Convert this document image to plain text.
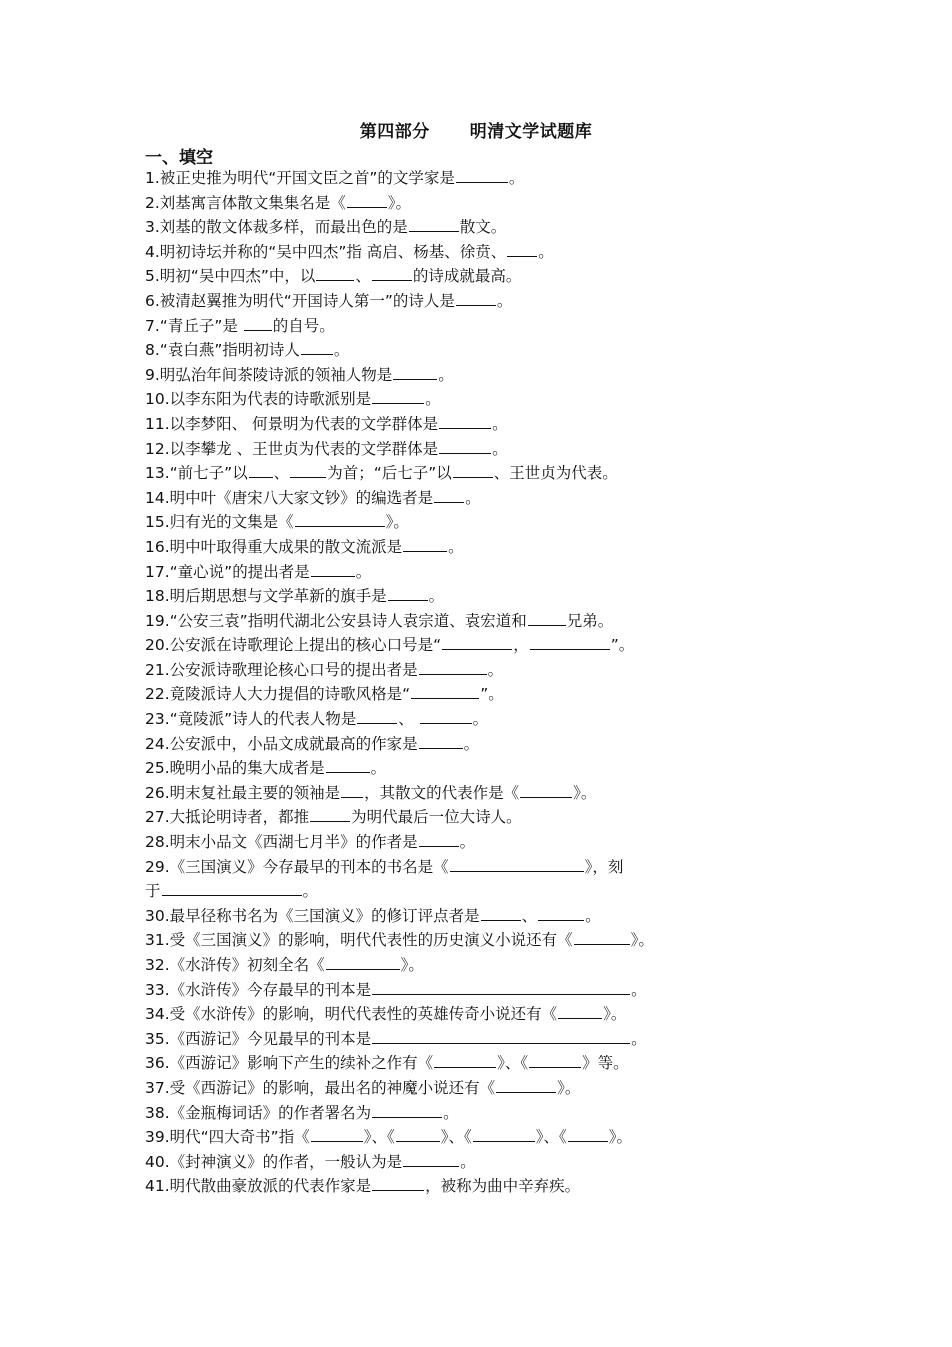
第四部分 明清文学试题库
一、填空
1.被正史推为明代“开国文臣之首”的文学家是	。
2.刘基寓言体散文集集名是《	》。
3.刘基的散文体裁多样，而最出色的是	散文。
4.明初诗坛并称的“吴中四杰”指 高启、杨基、徐贲、 。
5.明初“吴中四杰”中，以	、	的诗成就最高。
6.被清赵翼推为明代“开国诗人第一”的诗人是	。
7.“青丘子”是 的自号。
8.“袁白燕”指明初诗人 。
9.明弘治年间茶陵诗派的领袖人物是	。
10.以李东阳为代表的诗歌派别是	。
11.以李梦阳、 何景明为代表的文学群体是	。
12.以李攀龙 、王世贞为代表的文学群体是	。
13.“前七子”以 、 为首；“后七子”以	、王世贞为代表。
14.明中叶《唐宋八大家文钞》的编选者是 。
15.归有光的文集是《	》。
16.明中叶取得重大成果的散文流派是	。
17.“童心说”的提出者是	。
18.明后期思想与文学革新的旗手是	。
19.“公安三袁”指明代湖北公安县诗人袁宗道、袁宏道和	兄弟。
20.公安派在诗歌理论上提出的核心口号是“	，	”。
21.公安派诗歌理论核心口号的提出者是	。
22.竟陵派诗人大力提倡的诗歌风格是“	”。
23.“竟陵派”诗人的代表人物是	、	。
24.公安派中，小品文成就最高的作家是	。
25.晚明小品的集大成者是	。
26.明末复社最主要的领袖是 ，其散文的代表作是《	》。
27.大抵论明诗者，都推	为明代最后一位大诗人。
28.明末小品文《西湖七月半》的作者是	。
29.《三国演义》今存最早的刊本的书名是《	》，刻
于	。
30.最早径称书名为《三国演义》的修订评点者是	、	。
31.受《三国演义》的影响，明代代表性的历史演义小说还有《	》。
32.《水浒传》初刻全名《	》。
33.《水浒传》今存最早的刊本是	。
34.受《水浒传》的影响，明代代表性的英雄传奇小说还有《	》。
35.《西游记》今见最早的刊本是	。
36.《西游记》影响下产生的续补之作有《	》、《	》等。
37.受《西游记》的影响，最出名的神魔小说还有《	》。
38.《金瓶梅词话》的作者署名为	。
39.明代“四大奇书”指《	》、《	》、《	》、《	》。
40.《封神演义》的作者，一般认为是	。
41.明代散曲豪放派的代表作家是	，被称为曲中辛弃疾。
